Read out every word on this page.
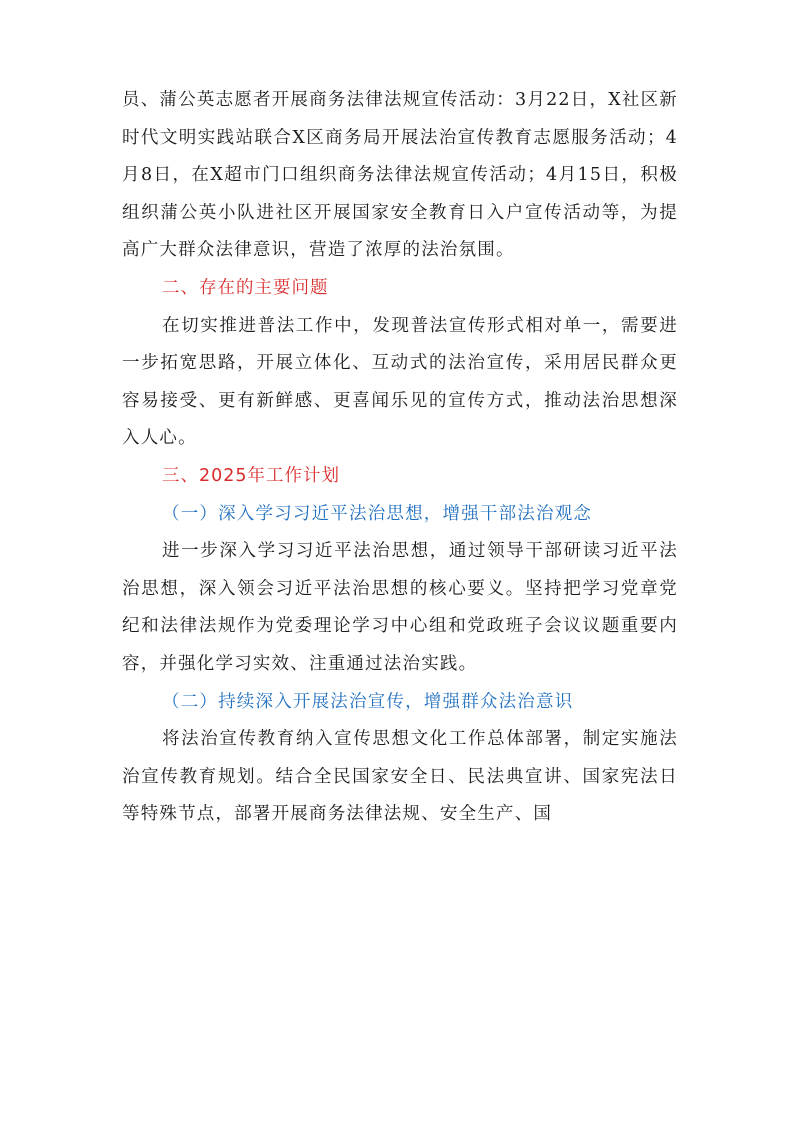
员、蒲公英志愿者开展商务法律法规宣传活动：3月22日，X社区新时代文明实践站联合X区商务局开展法治宣传教育志愿服务活动；4月8日，在X超市门口组织商务法律法规宣传活动；4月15日，积极组织蒲公英小队进社区开展国家安全教育日入户宣传活动等，为提高广大群众法律意识，营造了浓厚的法治氛围。

二、存在的主要问题

在切实推进普法工作中，发现普法宣传形式相对单一，需要进一步拓宽思路，开展立体化、互动式的法治宣传，采用居民群众更容易接受、更有新鲜感、更喜闻乐见的宣传方式，推动法治思想深入人心。

三、2025年工作计划

（一）深入学习习近平法治思想，增强干部法治观念

进一步深入学习习近平法治思想，通过领导干部研读习近平法治思想，深入领会习近平法治思想的核心要义。坚持把学习党章党纪和法律法规作为党委理论学习中心组和党政班子会议议题重要内容，并强化学习实效、注重通过法治实践。

（二）持续深入开展法治宣传，增强群众法治意识

将法治宣传教育纳入宣传思想文化工作总体部署，制定实施法治宣传教育规划。结合全民国家安全日、民法典宣讲、国家宪法日等特殊节点，部署开展商务法律法规、安全生产、国
